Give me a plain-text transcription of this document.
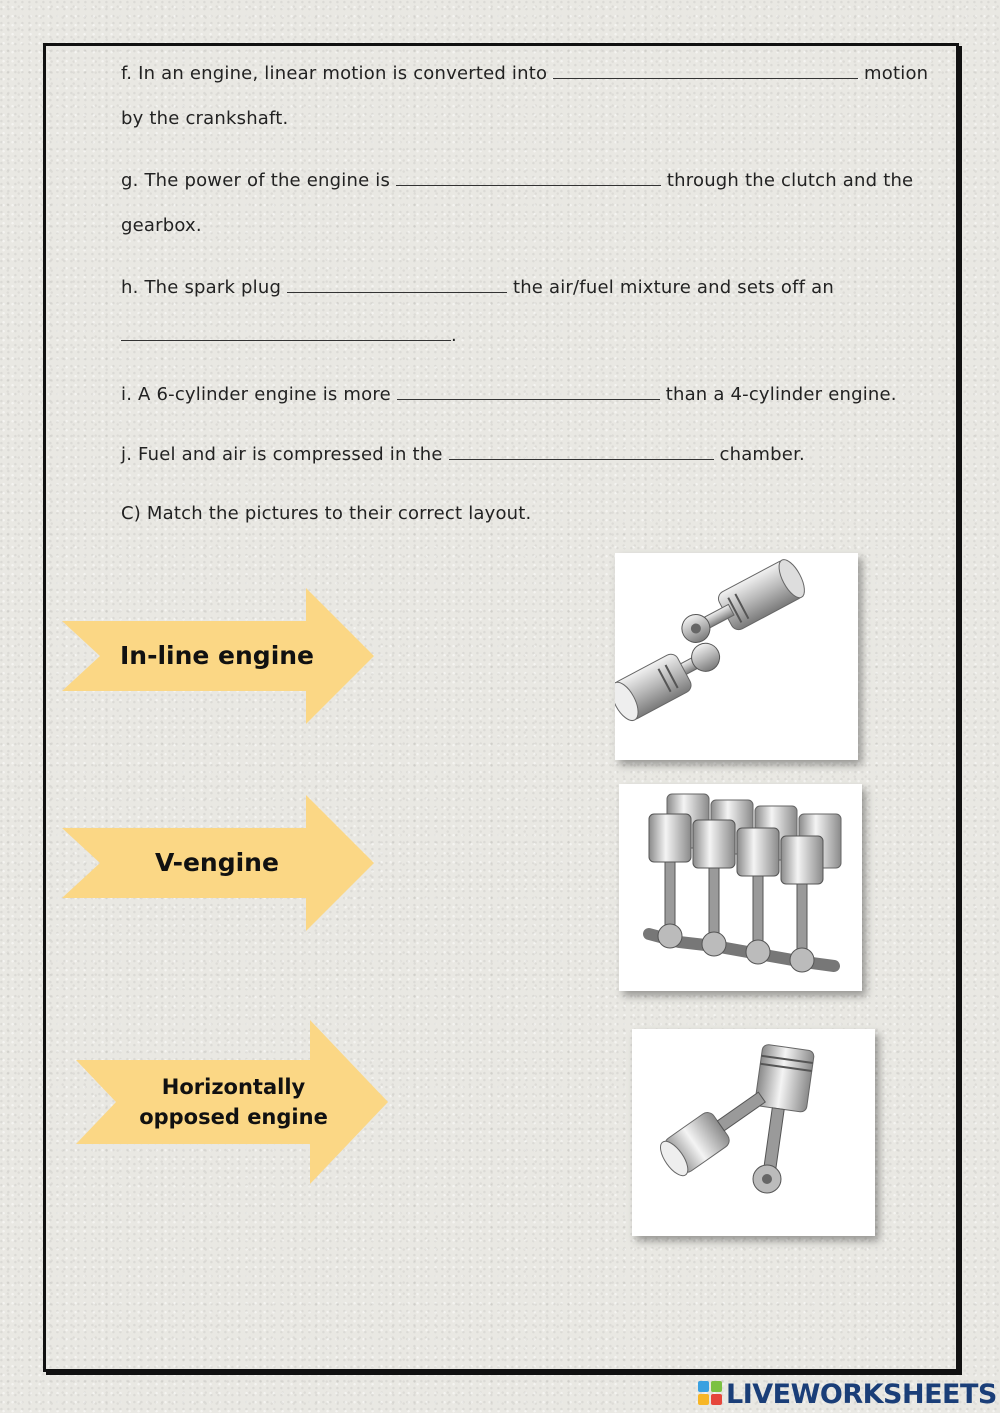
f. In an engine, linear motion is converted into	motion
by the crankshaft.
g. The power of the engine is	through the clutch and the
gearbox.
h. The spark plug	the air/fuel mixture and sets off an
.
i. A 6-cylinder engine is more	than a 4-cylinder engine.
j. Fuel and air is compressed in the	chamber.
C) Match the pictures to their correct layout.
In-line engine
V-engine
Horizontally
opposed engine
LIVEWORKSHEETS
